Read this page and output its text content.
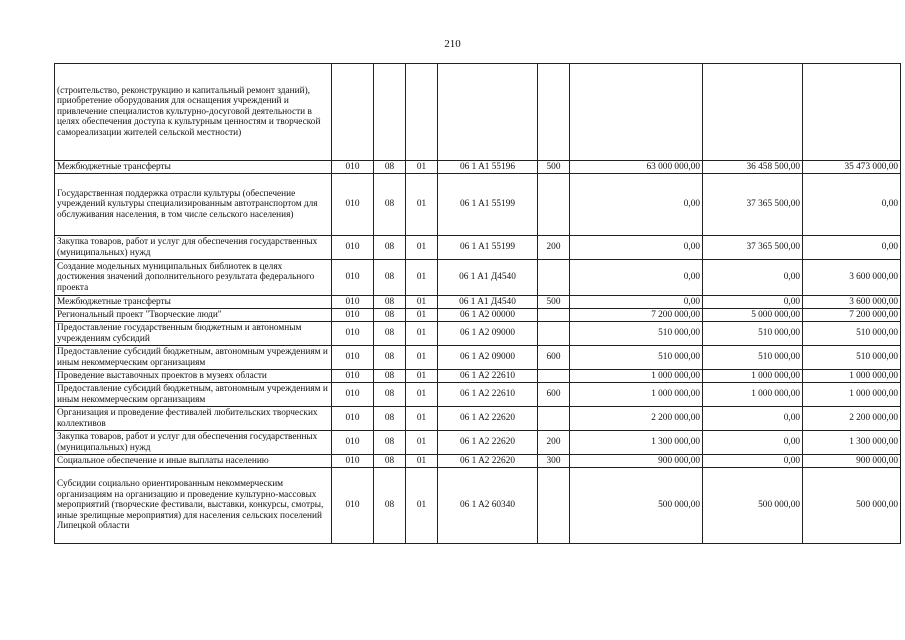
210
(строительство, реконструкцию и капитальный ремонт зданий), приобретение оборудования для оснащения учреждений и привлечение специалистов культурно-досуговой деятельности в целях обеспечения доступа к культурным ценностям и творческой самореализации жителей сельской местности)								
Межбюджетные трансферты	010	08	01	06 1 A1 55196	500	63 000 000,00	36 458 500,00	35 473 000,00
Государственная поддержка отрасли культуры (обеспечение учреждений культуры специализированным автотранспортом для обслуживания населения, в том числе сельского населения)	010	08	01	06 1 A1 55199		0,00	37 365 500,00	0,00
Закупка товаров, работ и услуг для обеспечения государственных (муниципальных) нужд	010	08	01	06 1 A1 55199	200	0,00	37 365 500,00	0,00
Создание модельных муниципальных библиотек в целях достижения значений дополнительного результата федерального проекта	010	08	01	06 1 A1 Д4540		0,00	0,00	3 600 000,00
Межбюджетные трансферты	010	08	01	06 1 A1 Д4540	500	0,00	0,00	3 600 000,00
Региональный проект "Творческие люди"	010	08	01	06 1 A2 00000		7 200 000,00	5 000 000,00	7 200 000,00
Предоставление государственным бюджетным и автономным учреждениям субсидий	010	08	01	06 1 A2 09000		510 000,00	510 000,00	510 000,00
Предоставление субсидий бюджетным, автономным учреждениям и иным некоммерческим организациям	010	08	01	06 1 A2 09000	600	510 000,00	510 000,00	510 000,00
Проведение выставочных проектов в музеях области	010	08	01	06 1 A2 22610		1 000 000,00	1 000 000,00	1 000 000,00
Предоставление субсидий бюджетным, автономным учреждениям и иным некоммерческим организациям	010	08	01	06 1 A2 22610	600	1 000 000,00	1 000 000,00	1 000 000,00
Организация и проведение фестивалей любительских творческих коллективов	010	08	01	06 1 A2 22620		2 200 000,00	0,00	2 200 000,00
Закупка товаров, работ и услуг для обеспечения государственных (муниципальных) нужд	010	08	01	06 1 A2 22620	200	1 300 000,00	0,00	1 300 000,00
Социальное обеспечение и иные выплаты населению	010	08	01	06 1 A2 22620	300	900 000,00	0,00	900 000,00
Субсидии социально ориентированным некоммерческим организациям на организацию и проведение культурно-массовых мероприятий (творческие фестивали, выставки, конкурсы, смотры, иные зрелищные мероприятия) для населения сельских поселений Липецкой области	010	08	01	06 1 A2 60340		500 000,00	500 000,00	500 000,00
